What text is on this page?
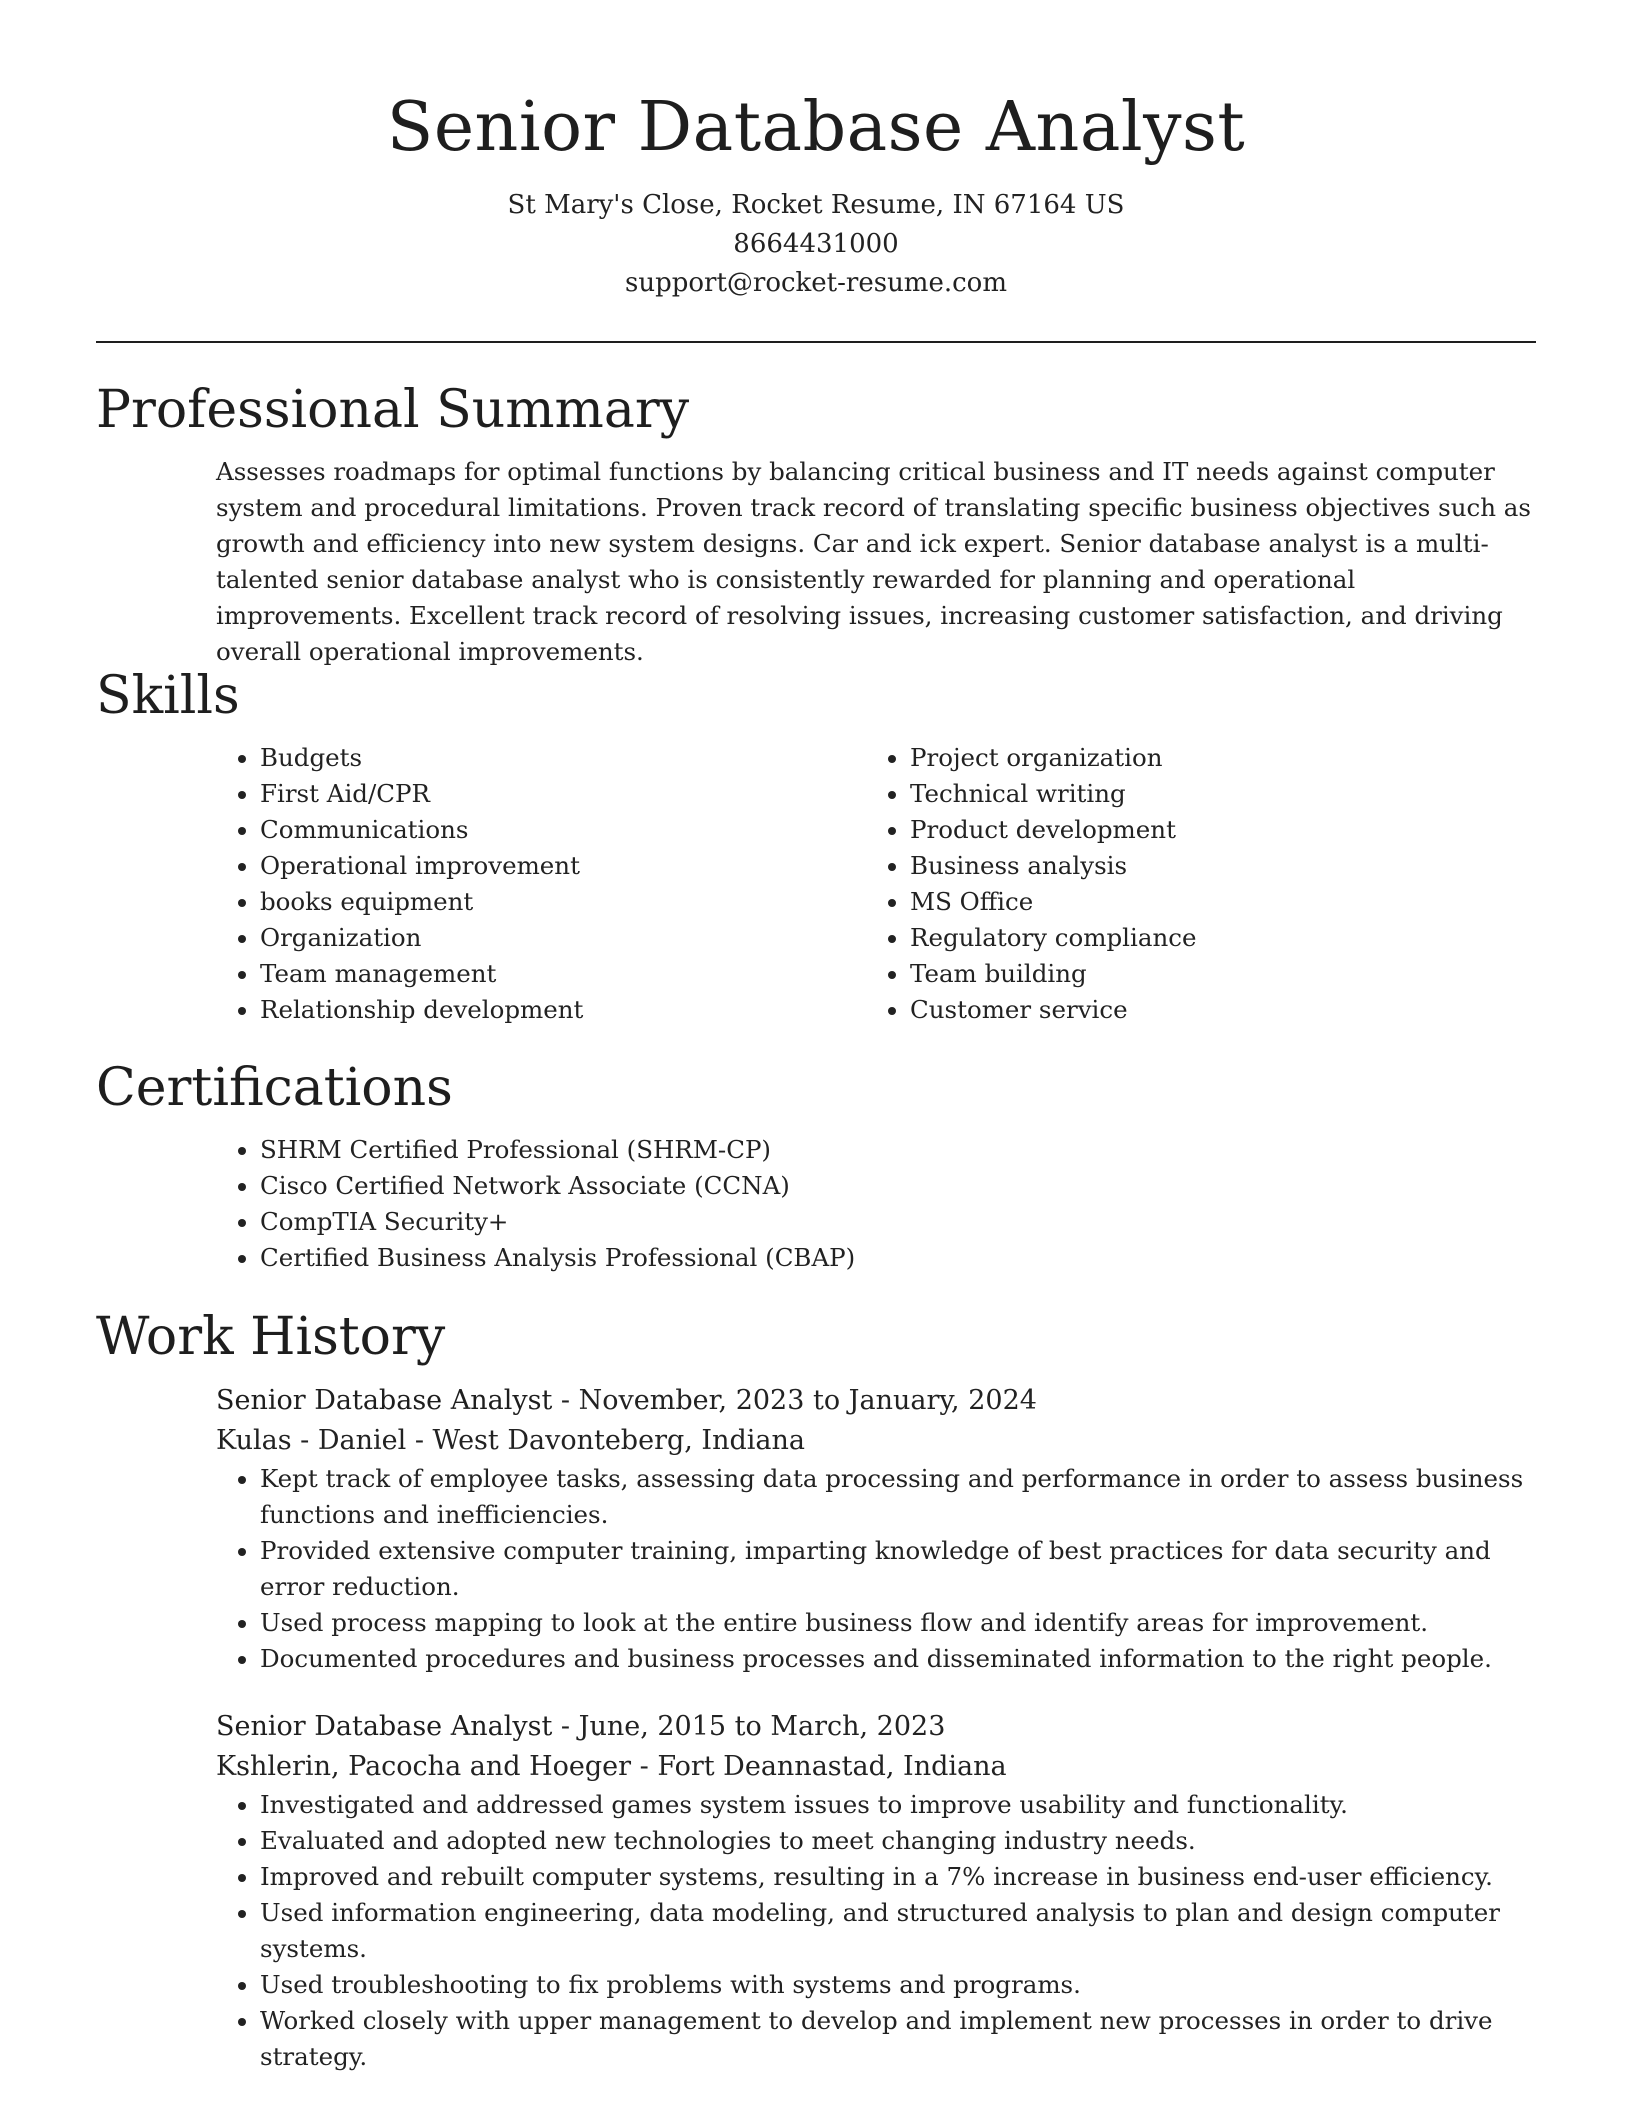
Senior Database Analyst
St Mary's Close, Rocket Resume, IN 67164 US
8664431000
support@rocket-resume.com
Professional Summary

Assesses roadmaps for optimal functions by balancing critical business and IT needs against computer system and procedural limitations. Proven track record of translating specific business objectives such as growth and efficiency into new system designs. Car and ick expert. Senior database analyst is a multi-talented senior database analyst who is consistently rewarded for planning and operational improvements. Excellent track record of resolving issues, increasing customer satisfaction, and driving overall operational improvements.

Skills
• Budgets
• First Aid/CPR
• Communications
• Operational improvement
• books equipment
• Organization
• Team management
• Relationship development
• Project organization
• Technical writing
• Product development
• Business analysis
• MS Office
• Regulatory compliance
• Team building
• Customer service
Certifications
• SHRM Certified Professional (SHRM-CP)
• Cisco Certified Network Associate (CCNA)
• CompTIA Security+
• Certified Business Analysis Professional (CBAP)
Work History
Senior Database Analyst - November, 2023 to January, 2024
Kulas - Daniel - West Davonteberg, Indiana
• Kept track of employee tasks, assessing data processing and performance in order to assess business functions and inefficiencies.
• Provided extensive computer training, imparting knowledge of best practices for data security and error reduction.
• Used process mapping to look at the entire business flow and identify areas for improvement.
• Documented procedures and business processes and disseminated information to the right people.
Senior Database Analyst - June, 2015 to March, 2023
Kshlerin, Pacocha and Hoeger - Fort Deannastad, Indiana
• Investigated and addressed games system issues to improve usability and functionality.
• Evaluated and adopted new technologies to meet changing industry needs.
• Improved and rebuilt computer systems, resulting in a 7% increase in business end-user efficiency.
• Used information engineering, data modeling, and structured analysis to plan and design computer systems.
• Used troubleshooting to fix problems with systems and programs.
• Worked closely with upper management to develop and implement new processes in order to drive strategy.
